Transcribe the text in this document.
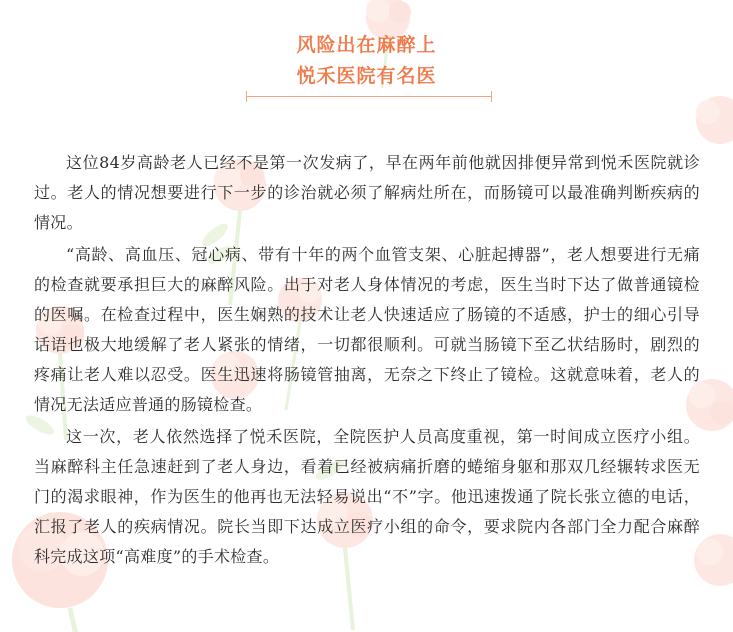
风险出在麻醉上
悦禾医院有名医

这位84岁高龄老人已经不是第一次发病了，早在两年前他就因排便异常到悦禾医院就诊过。老人的情况想要进行下一步的诊治就必须了解病灶所在，而肠镜可以最准确判断疾病的情况。

“高龄、高血压、冠心病、带有十年的两个血管支架、心脏起搏器”，老人想要进行无痛的检查就要承担巨大的麻醉风险。出于对老人身体情况的考虑，医生当时下达了做普通镜检的医嘱。在检查过程中，医生娴熟的技术让老人快速适应了肠镜的不适感，护士的细心引导话语也极大地缓解了老人紧张的情绪，一切都很顺利。可就当肠镜下至乙状结肠时，剧烈的疼痛让老人难以忍受。医生迅速将肠镜管抽离，无奈之下终止了镜检。这就意味着，老人的情况无法适应普通的肠镜检查。

这一次，老人依然选择了悦禾医院，全院医护人员高度重视，第一时间成立医疗小组。当麻醉科主任急速赶到了老人身边，看着已经被病痛折磨的蜷缩身躯和那双几经辗转求医无门的渴求眼神，作为医生的他再也无法轻易说出“不”字。他迅速拨通了院长张立德的电话，汇报了老人的疾病情况。院长当即下达成立医疗小组的命令，要求院内各部门全力配合麻醉科完成这项“高难度”的手术检查。
